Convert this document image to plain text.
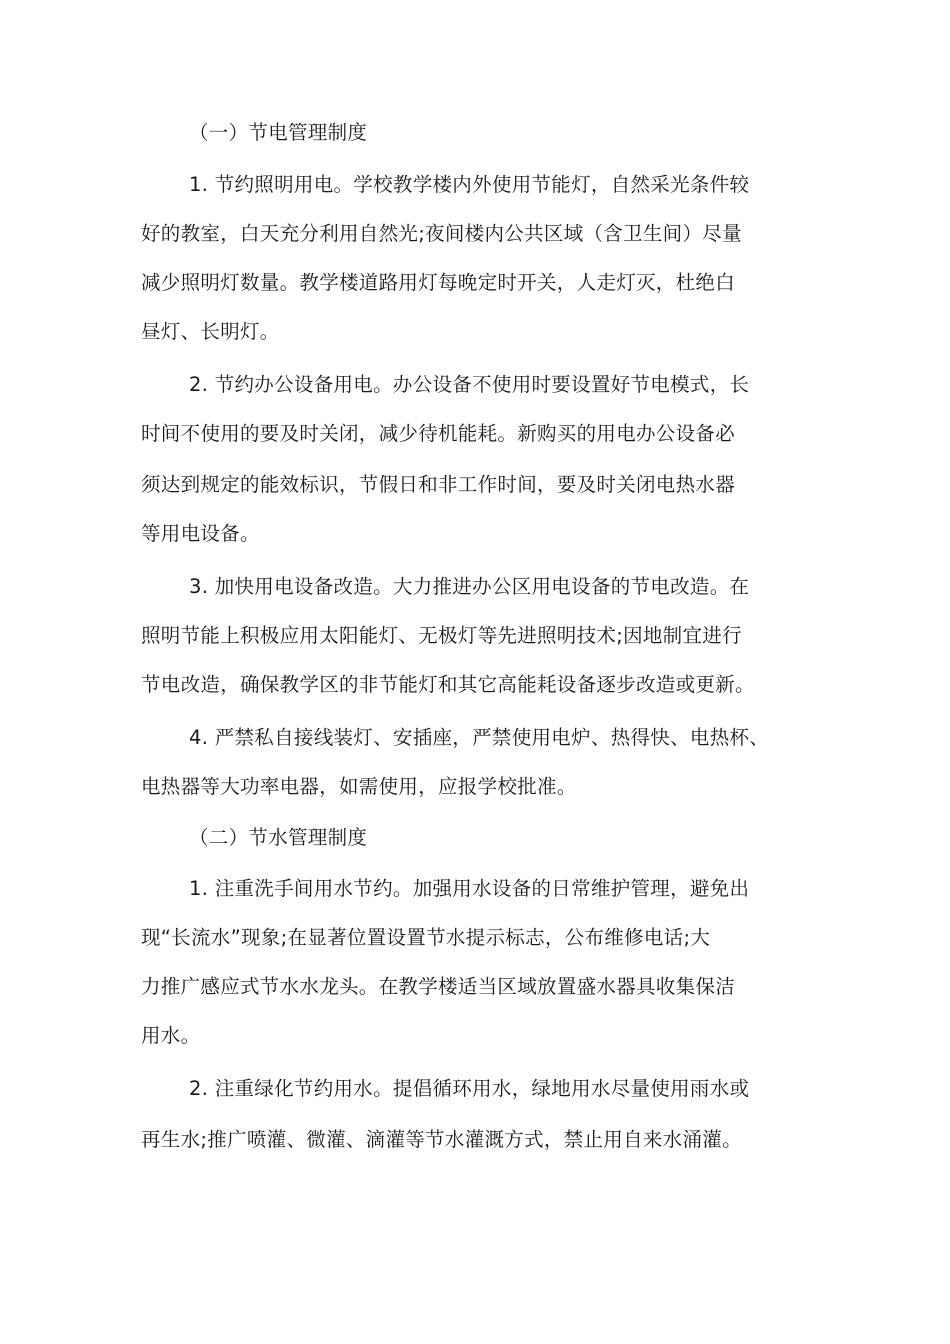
（一）节电管理制度
1. 节约照明用电。学校教学楼内外使用节能灯，自然采光条件较
好的教室，白天充分利用自然光;夜间楼内公共区域（含卫生间）尽量
减少照明灯数量。教学楼道路用灯每晚定时开关，人走灯灭，杜绝白
昼灯、长明灯。
2. 节约办公设备用电。办公设备不使用时要设置好节电模式，长
时间不使用的要及时关闭，减少待机能耗。新购买的用电办公设备必
须达到规定的能效标识，节假日和非工作时间，要及时关闭电热水器
等用电设备。
3. 加快用电设备改造。大力推进办公区用电设备的节电改造。在
照明节能上积极应用太阳能灯、无极灯等先进照明技术;因地制宜进行
节电改造，确保教学区的非节能灯和其它高能耗设备逐步改造或更新。
4. 严禁私自接线装灯、安插座，严禁使用电炉、热得快、电热杯、
电热器等大功率电器，如需使用，应报学校批准。
（二）节水管理制度
1. 注重洗手间用水节约。加强用水设备的日常维护管理，避免出
现“长流水”现象;在显著位置设置节水提示标志，公布维修电话;大
力推广感应式节水水龙头。在教学楼适当区域放置盛水器具收集保洁
用水。
2. 注重绿化节约用水。提倡循环用水，绿地用水尽量使用雨水或
再生水;推广喷灌、微灌、滴灌等节水灌溉方式，禁止用自来水涌灌。
